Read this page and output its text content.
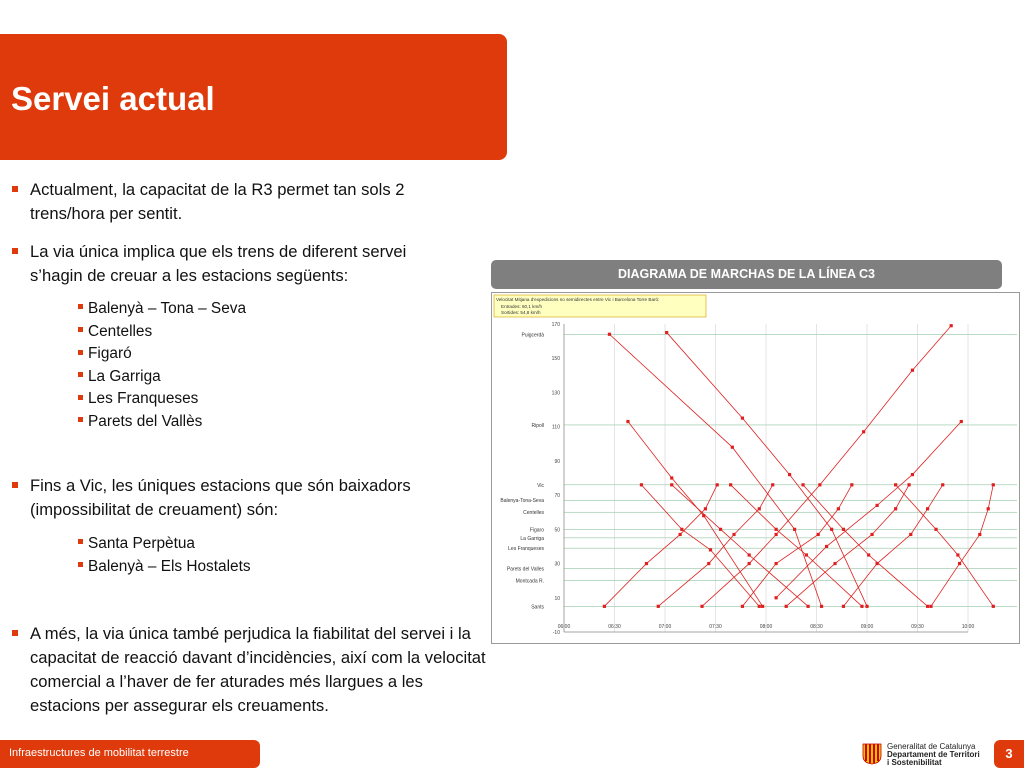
Servei actual
Actualment, la capacitat de la R3 permet tan sols 2 trens/hora per sentit.
La via única implica que els trens de diferent servei s’hagin de creuar a les estacions següents:
Fins a Vic, les úniques estacions que són baixadors (impossibilitat de creuament) són:
A més, la via única també perjudica la fiabilitat del servei i la capacitat de reacció davant d’incidències, així com la velocitat comercial a l’haver de fer aturades més llargues a les estacions per assegurar els creuaments.
Balenyà – Tona – Seva
Centelles
Figaró
La Garriga
Les Franqueses
Parets del Vallès
Santa Perpètua
Balenyà – Els Hostalets
DIAGRAMA DE MARCHAS DE LA LÍNEA C3
170
150
130
110
90
70
50
30
10
-10
06:00	06:30	07:00	07:30	08:00	08:30	09:00	09:30	10:00
Puigcerdà
Ripoll
Vic
Balenya-Tona-Seva
Centelles
Figaro
La Garriga
Les Franqueses
Parets del Valles
Montcada R.
Sants
Velocitat Mitjana d'expedicions no semidirectes entre Vic i Barcelona Torre Baró:
Entrades: 60,1 km/h
Sortides: 54,8 km/h
Infraestructures de mobilitat terrestre
Generalitat de Catalunya
Departament de Territori
i Sostenibilitat
3
